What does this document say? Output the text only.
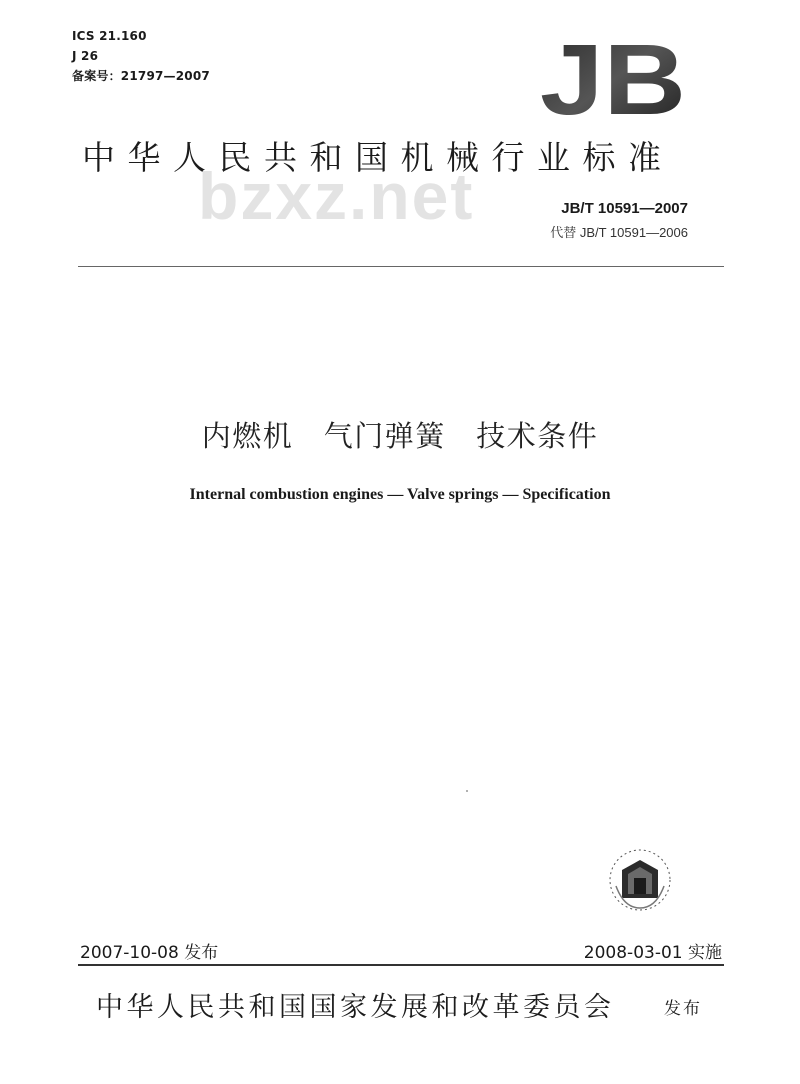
ICS 21.160
J 26
备案号：21797—2007	JB
bzxz.net
中华人民共和国机械行业标准
JB/T 10591—2007
代替 JB/T 10591—2006
内燃机　气门弹簧　技术条件
Internal combustion engines — Valve springs — Specification
2007-10-08 发布	2008-03-01 实施
中华人民共和国国家发展和改革委员会	发布
